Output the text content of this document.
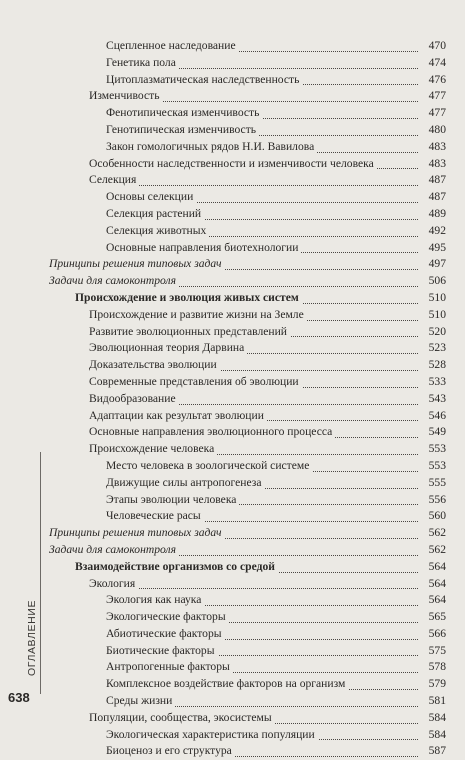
Сцепленное наследование	470
Генетика пола	474
Цитоплазматическая наследственность	476
Изменчивость	477
Фенотипическая изменчивость	477
Генотипическая изменчивость	480
Закон гомологичных рядов Н.И. Вавилова	483
Особенности наследственности и изменчивости человека	483
Селекция	487
Основы селекции	487
Селекция растений	489
Селекция животных	492
Основные направления биотехнологии	495
Принципы решения типовых задач	497
Задачи для самоконтроля	506
Происхождение и эволюция живых систем	510
Происхождение и развитие жизни на Земле	510
Развитие эволюционных представлений	520
Эволюционная теория Дарвина	523
Доказательства эволюции	528
Современные представления об эволюции	533
Видообразование	543
Адаптации как результат эволюции	546
Основные направления эволюционного процесса	549
Происхождение человека	553
Место человека в зоологической системе	553
Движущие силы антропогенеза	555
Этапы эволюции человека	556
Человеческие расы	560
Принципы решения типовых задач	562
Задачи для самоконтроля	562
Взаимодействие организмов со средой	564
Экология	564
Экология как наука	564
Экологические факторы	565
Абиотические факторы	566
Биотические факторы	575
Антропогенные факторы	578
Комплексное воздействие факторов на организм	579
Среды жизни	581
Популяции, сообщества, экосистемы	584
Экологическая характеристика популяции	584
Биоценоз и его структура	587
ОГЛАВЛЕНИЕ
638
